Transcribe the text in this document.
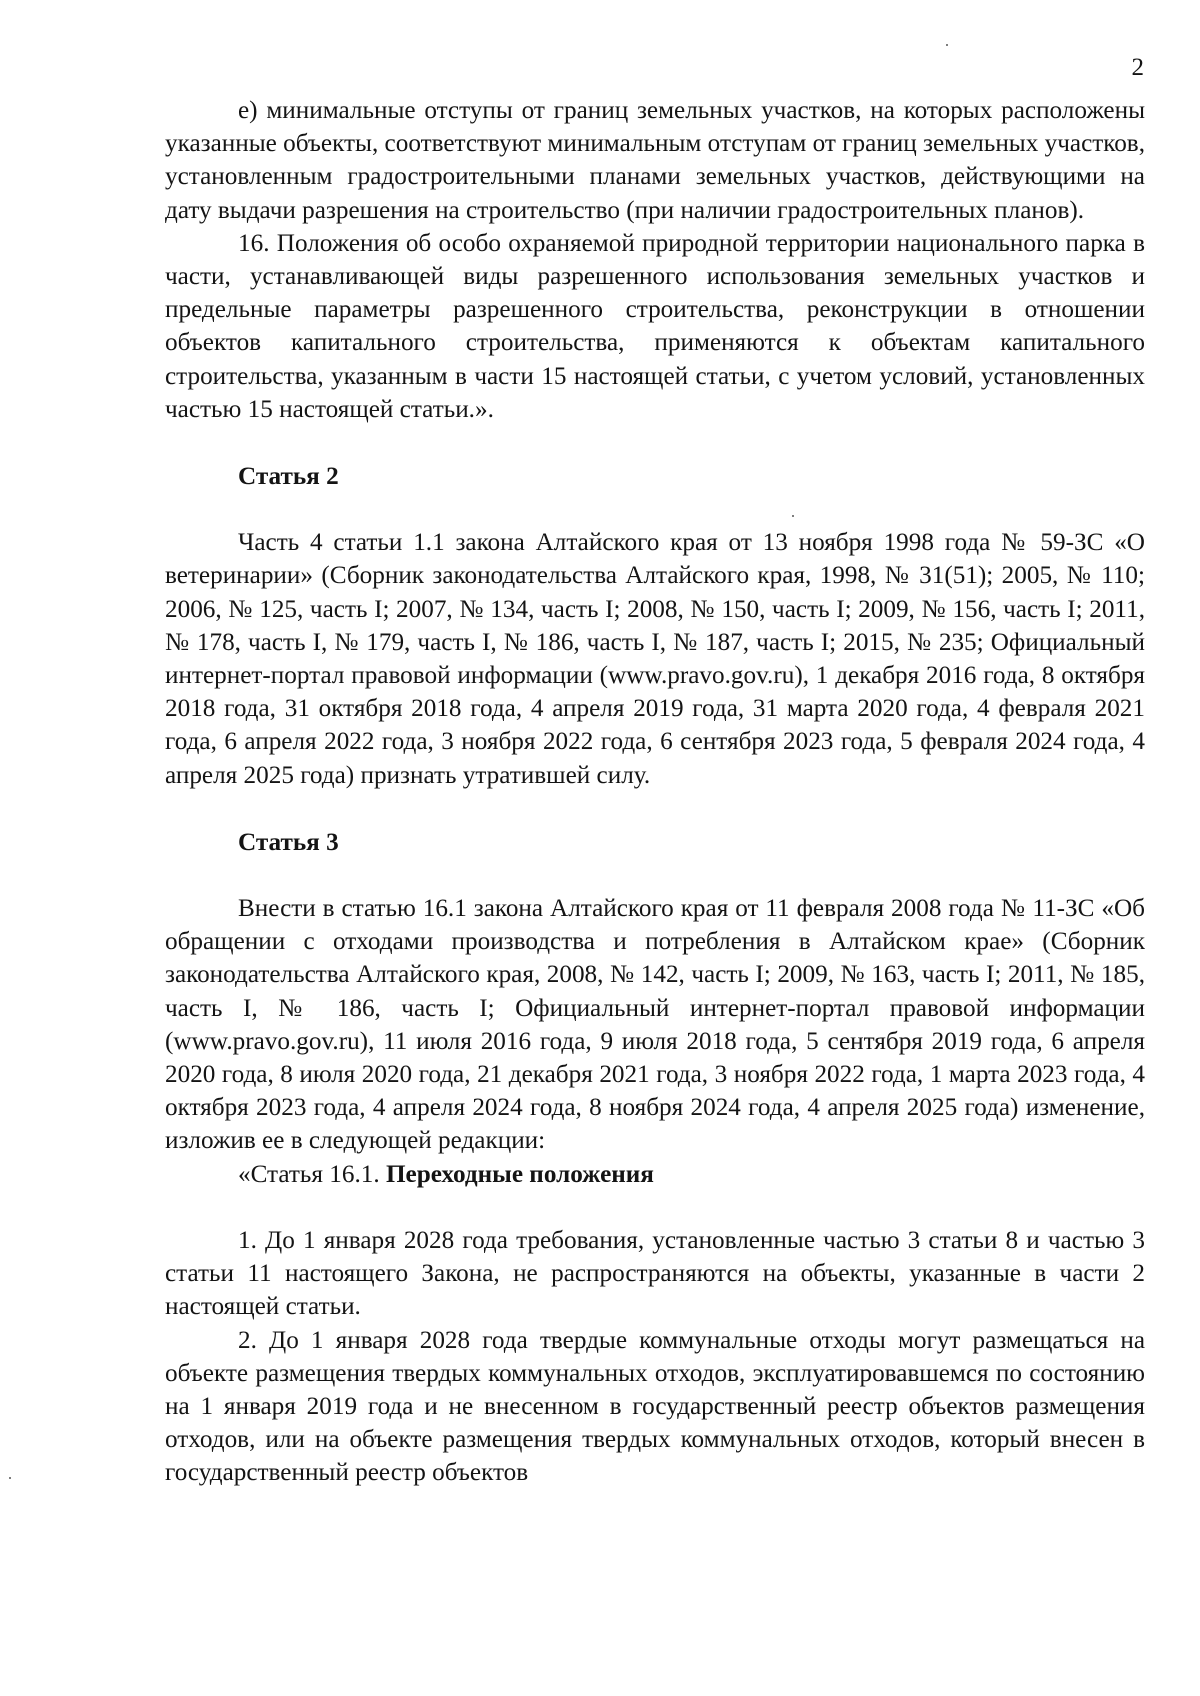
2

е) минимальные отступы от границ земельных участков, на которых расположены указанные объекты, соответствуют минимальным отступам от границ земельных участков, установленным градостроительными планами земельных участков, действующими на дату выдачи разрешения на строительство (при наличии градостроительных планов).

16. Положения об особо охраняемой природной территории национального парка в части, устанавливающей виды разрешенного использования земельных участков и предельные параметры разрешенного строительства, реконструкции в отношении объектов капитального строительства, применяются к объектам капитального строительства, указанным в части 15 настоящей статьи, с учетом условий, установленных частью 15 настоящей статьи.».

Статья 2

Часть 4 статьи 1.1 закона Алтайского края от 13 ноября 1998 года № 59-ЗС «О ветеринарии» (Сборник законодательства Алтайского края, 1998, № 31(51); 2005, № 110; 2006, № 125, часть I; 2007, № 134, часть I; 2008, № 150, часть I; 2009, № 156, часть I; 2011, № 178, часть I, № 179, часть I, № 186, часть I, № 187, часть I; 2015, № 235; Официальный интернет-портал правовой информации (www.pravo.gov.ru), 1 декабря 2016 года, 8 октября 2018 года, 31 октября 2018 года, 4 апреля 2019 года, 31 марта 2020 года, 4 февраля 2021 года, 6 апреля 2022 года, 3 ноября 2022 года, 6 сентября 2023 года, 5 февраля 2024 года, 4 апреля 2025 года) признать утратившей силу.

Статья 3

Внести в статью 16.1 закона Алтайского края от 11 февраля 2008 года № 11-ЗС «Об обращении с отходами производства и потребления в Алтайском крае» (Сборник законодательства Алтайского края, 2008, № 142, часть I; 2009, № 163, часть I; 2011, № 185, часть I, № 186, часть I; Официальный интернет-портал правовой информации (www.pravo.gov.ru), 11 июля 2016 года, 9 июля 2018 года, 5 сентября 2019 года, 6 апреля 2020 года, 8 июля 2020 года, 21 декабря 2021 года, 3 ноября 2022 года, 1 марта 2023 года, 4 октября 2023 года, 4 апреля 2024 года, 8 ноября 2024 года, 4 апреля 2025 года) изменение, изложив ее в следующей редакции:

«Статья 16.1. Переходные положения

1. До 1 января 2028 года требования, установленные частью 3 статьи 8 и частью 3 статьи 11 настоящего Закона, не распространяются на объекты, указанные в части 2 настоящей статьи.

2. До 1 января 2028 года твердые коммунальные отходы могут размещаться на объекте размещения твердых коммунальных отходов, эксплуатировавшемся по состоянию на 1 января 2019 года и не внесенном в государственный реестр объектов размещения отходов, или на объекте размещения твердых коммунальных отходов, который внесен в государственный реестр объектов
